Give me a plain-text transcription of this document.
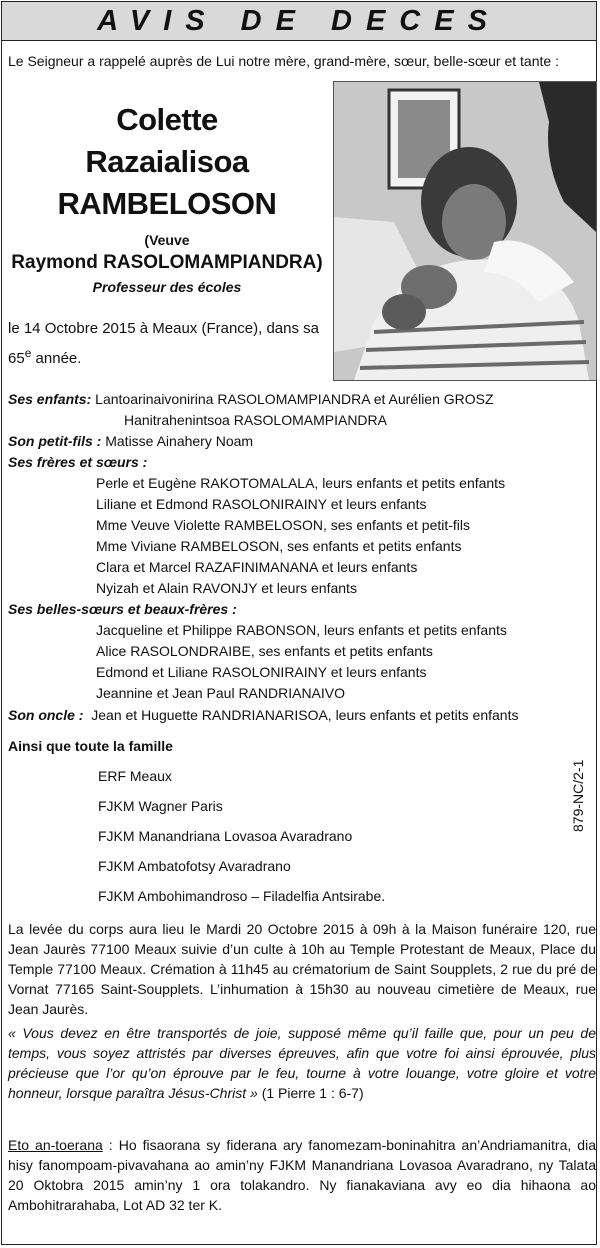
AVIS DE DECES
Le Seigneur a rappelé auprès de Lui notre mère, grand-mère, sœur, belle-sœur et tante :
Colette
Razaialisoa
RAMBELOSON
(Veuve
Raymond RASOLOMAMPIANDRA)
Professeur des écoles
le 14 Octobre 2015 à Meaux (France), dans sa
65e année.
Ses enfants: Lantoarinaivonirina RASOLOMAMPIANDRA et Aurélien GROSZ
Hanitrahenintsoa RASOLOMAMPIANDRA
Son petit-fils : Matisse Ainahery Noam
Ses frères et sœurs :
Perle et Eugène RAKOTOMALALA, leurs enfants et petits enfants
Liliane et Edmond RASOLONIRAINY et leurs enfants
Mme Veuve Violette RAMBELOSON, ses enfants et petit-fils
Mme Viviane RAMBELOSON, ses enfants et petits enfants
Clara et Marcel RAZAFINIMANANA et leurs enfants
Nyizah et Alain RAVONJY et leurs enfants
Ses belles-sœurs et beaux-frères :
Jacqueline et Philippe RABONSON, leurs enfants et petits enfants
Alice RASOLONDRAIBE, ses enfants et petits enfants
Edmond et Liliane RASOLONIRAINY et leurs enfants
Jeannine et Jean Paul RANDRIANAIVO
Son oncle : Jean et Huguette RANDRIANARISOA, leurs enfants et petits enfants
Ainsi que toute la famille
ERF Meaux
FJKM Wagner Paris
FJKM Manandriana Lovasoa Avaradrano
FJKM Ambatofotsy Avaradrano
FJKM Ambohimandroso – Filadelfia Antsirabe.
879-NC/2-1

La levée du corps aura lieu le Mardi 20 Octobre 2015 à 09h à la Maison funéraire 120, rue Jean Jaurès 77100 Meaux suivie d’un culte à 10h au Temple Protestant de Meaux, Place du Temple 77100 Meaux. Crémation à 11h45 au crématorium de Saint Soupplets, 2 rue du pré de Vornat 77165 Saint-Soupplets. L’inhumation à 15h30 au nouveau cimetière de Meaux, rue Jean Jaurès.

« Vous devez en être transportés de joie, supposé même qu’il faille que, pour un peu de temps, vous soyez attristés par diverses épreuves, afin que votre foi ainsi éprouvée, plus précieuse que l’or qu’on éprouve par le feu, tourne à votre louange, votre gloire et votre honneur, lorsque paraîtra Jésus-Christ » (1 Pierre 1 : 6-7)

Eto an-toerana : Ho fisaorana sy fiderana ary fanomezam-boninahitra an’Andriamanitra, dia hisy fanompoam-pivavahana ao amin’ny FJKM Manandriana Lovasoa Avaradrano, ny Talata 20 Oktobra 2015 amin’ny 1 ora tolakandro. Ny fianakaviana avy eo dia hihaona ao Ambohitrarahaba, Lot AD 32 ter K.
